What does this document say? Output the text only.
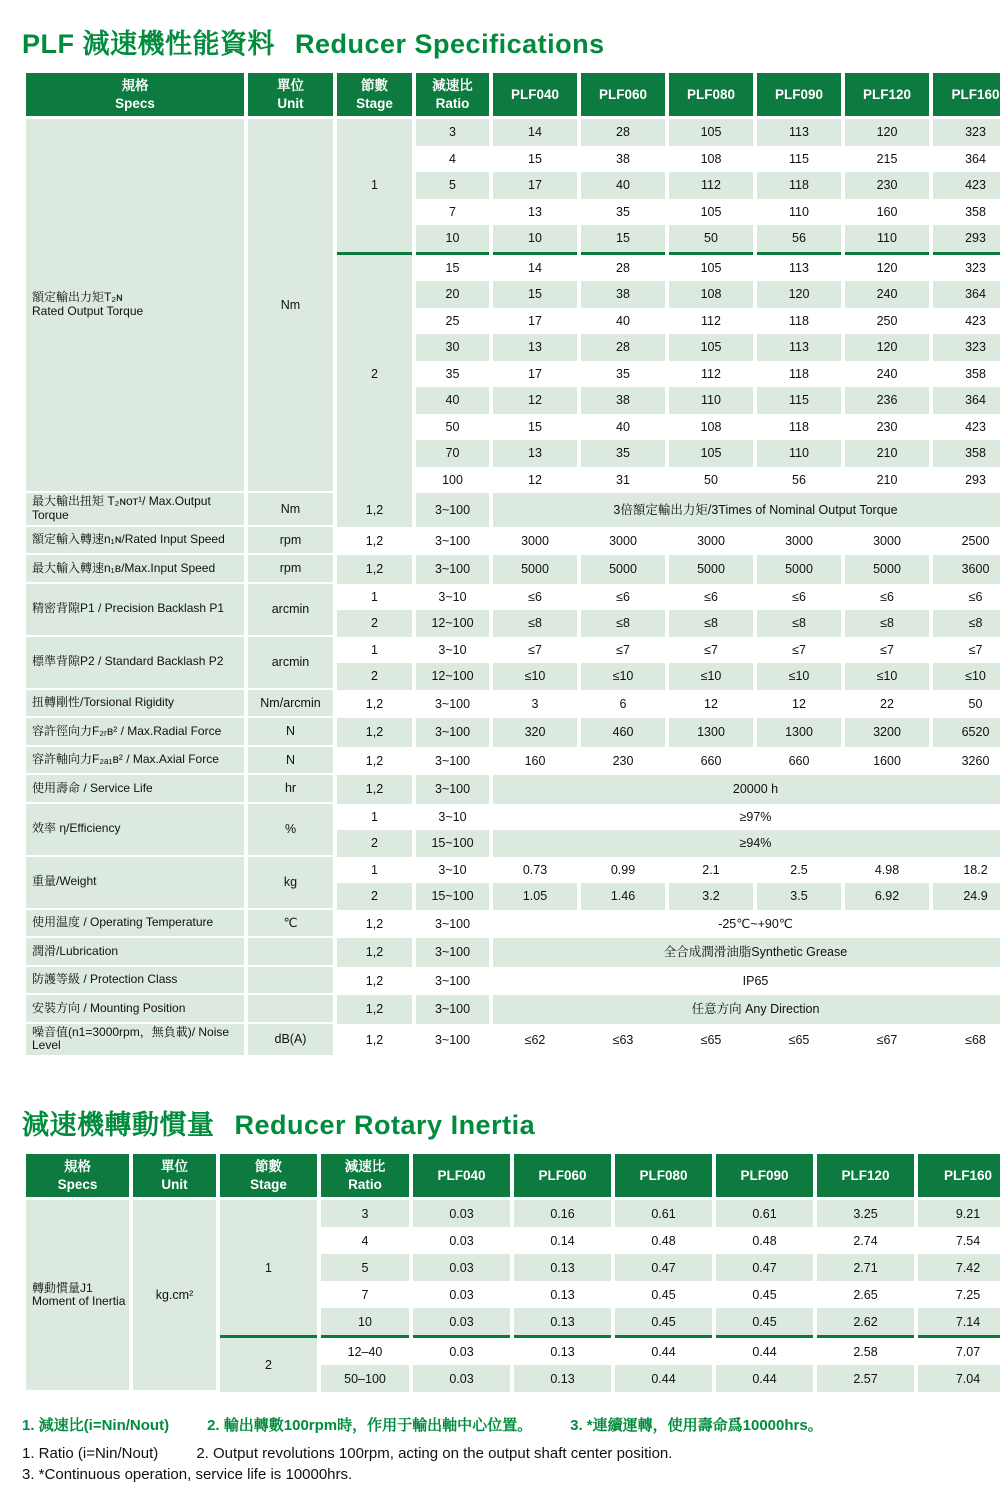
PLF 減速機性能資料 Reducer Specifications
規格
Specs

單位
Unit

節數
Stage

減速比
Ratio
	PLF040	PLF060	PLF080	PLF090	PLF120	PLF160

額定輸出力矩T₂ɴ
Rated Output Torque	Nm	1	3	14	28	105	113	120	323
			4	15	38	108	115	215	364
			5	17	40	112	118	230	423
			7	13	35	105	110	160	358
			10	10	15	50	56	110	293
		2	15	14	28	105	113	120	323
			20	15	38	108	120	240	364
			25	17	40	112	118	250	423
			30	13	28	105	113	120	323
			35	17	35	112	118	240	358
			40	12	38	110	115	236	364
			50	15	40	108	118	230	423
			70	13	35	105	110	210	358
			100	12	31	50	56	210	293
最大輸出扭矩 T₂ɴᴏᴛ¹/ Max.Output Torque	Nm	1,2	3~100	3倍額定輸出力矩/3Times of Nominal Output Torque					
額定輸入轉速n₁ɴ/Rated Input Speed	rpm	1,2	3~100	3000	3000	3000	3000	3000	2500
最大輸入轉速n₁ʙ/Max.Input Speed	rpm	1,2	3~100	5000	5000	5000	5000	5000	3600
精密背隙P1 / Precision Backlash P1	arcmin	1	3~10	≤6	≤6	≤6	≤6	≤6	≤6
		2	12~100	≤8	≤8	≤8	≤8	≤8	≤8
標準背隙P2 / Standard Backlash P2	arcmin	1	3~10	≤7	≤7	≤7	≤7	≤7	≤7
		2	12~100	≤10	≤10	≤10	≤10	≤10	≤10
扭轉剛性/Torsional Rigidity	Nm/arcmin	1,2	3~100	3	6	12	12	22	50
容許徑向力F₂ᵣʙ² / Max.Radial Force	N	1,2	3~100	320	460	1300	1300	3200	6520
容許軸向力F₂ₐ₁ʙ² / Max.Axial Force	N	1,2	3~100	160	230	660	660	1600	3260
使用壽命 / Service Life	hr	1,2	3~100	20000 h					
效率 η/Efficiency	%	1	3~10	≥97%					
		2	15~100	≥94%					
重量/Weight	kg	1	3~10	0.73	0.99	2.1	2.5	4.98	18.2
		2	15~100	1.05	1.46	3.2	3.5	6.92	24.9
使用温度 / Operating Temperature	℃	1,2	3~100	-25℃~+90℃					
潤滑/Lubrication		1,2	3~100	全合成潤滑油脂Synthetic Grease					
防護等級 / Protection Class		1,2	3~100	IP65					
安裝方向 / Mounting Position		1,2	3~100	任意方向 Any Direction					
噪音值(n1=3000rpm，無負載)/ Noise Level	dB(A)	1,2	3~100	≤62	≤63	≤65	≤65	≤67	≤68
減速機轉動慣量 Reducer Rotary Inertia
規格
Specs

單位
Unit

節數
Stage

減速比
Ratio
	PLF040	PLF060	PLF080	PLF090	PLF120	PLF160

轉動慣量J1
Moment of Inertia	kg.cm²	1	3	0.03	0.16	0.61	0.61	3.25	9.21
			4	0.03	0.14	0.48	0.48	2.74	7.54
			5	0.03	0.13	0.47	0.47	2.71	7.42
			7	0.03	0.13	0.45	0.45	2.65	7.25
			10	0.03	0.13	0.45	0.45	2.62	7.14
		2	12–40	0.03	0.13	0.44	0.44	2.58	7.07
			50–100	0.03	0.13	0.44	0.44	2.57	7.04

1. 減速比(i=Nin/Nout)	2. 輸出轉數100rpm時，作用于輸出軸中心位置。	3. *連續運轉，使用壽命爲10000hrs。

1. Ratio (i=Nin/Nout)	2. Output revolutions 100rpm, acting on the output shaft center position.

3. *Continuous operation, service life is 10000hrs.
